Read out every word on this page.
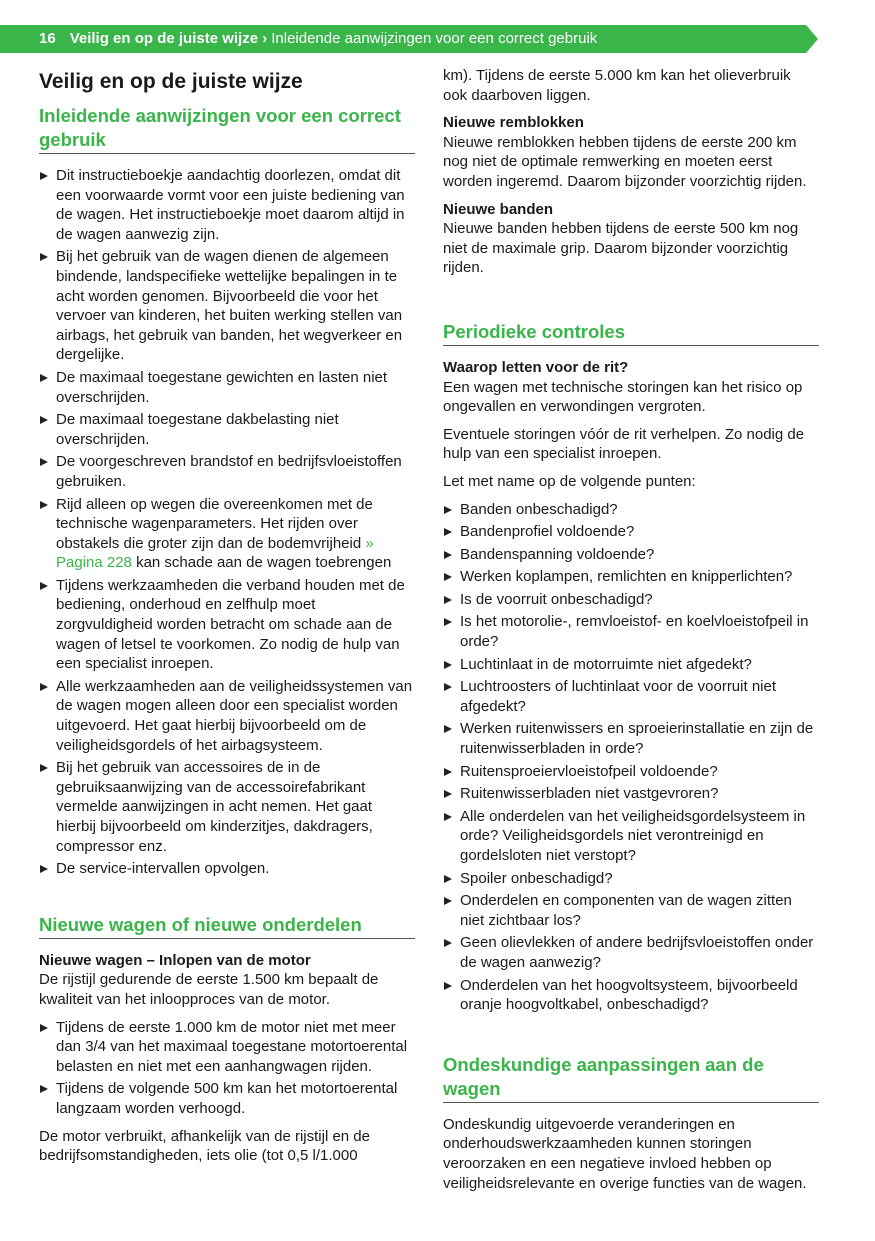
16 Veilig en op de juiste wijze › Inleidende aanwijzingen voor een correct gebruik
Veilig en op de juiste wijze
Inleidende aanwijzingen voor een correct gebruik
Dit instructieboekje aandachtig doorlezen, omdat dit een voorwaarde vormt voor een juiste bediening van de wagen. Het instructieboekje moet daarom altijd in de wagen aanwezig zijn.
Bij het gebruik van de wagen dienen de algemeen bindende, landspecifieke wettelijke bepalingen in te acht worden genomen. Bijvoorbeeld die voor het vervoer van kinderen, het buiten werking stellen van airbags, het gebruik van banden, het wegverkeer en dergelijke.
De maximaal toegestane gewichten en lasten niet overschrijden.
De maximaal toegestane dakbelasting niet overschrijden.
De voorgeschreven brandstof en bedrijfsvloeistoffen gebruiken.
Rijd alleen op wegen die overeenkomen met de technische wagenparameters. Het rijden over obstakels die groter zijn dan de bodemvrijheid » Pagina 228 kan schade aan de wagen toebrengen
Tijdens werkzaamheden die verband houden met de bediening, onderhoud en zelfhulp moet zorgvuldigheid worden betracht om schade aan de wagen of letsel te voorkomen. Zo nodig de hulp van een specialist inroepen.
Alle werkzaamheden aan de veiligheidssystemen van de wagen mogen alleen door een specialist worden uitgevoerd. Het gaat hierbij bijvoorbeeld om de veiligheidsgordels of het airbagsysteem.
Bij het gebruik van accessoires de in de gebruiksaanwijzing van de accessoirefabrikant vermelde aanwijzingen in acht nemen. Het gaat hierbij bijvoorbeeld om kinderzitjes, dakdragers, compressor enz.
De service-intervallen opvolgen.
Nieuwe wagen of nieuwe onderdelen
Nieuwe wagen – Inlopen van de motor

De rijstijl gedurende de eerste 1.500 km bepaalt de kwaliteit van het inloopproces van de motor.

Tijdens de eerste 1.000 km de motor niet met meer dan 3/4 van het maximaal toegestane motortoerental belasten en niet met een aanhangwagen rijden.
Tijdens de volgende 500 km kan het motortoerental langzaam worden verhoogd.

De motor verbruikt, afhankelijk van de rijstijl en de bedrijfsomstandigheden, iets olie (tot 0,5 l/1.000

km). Tijdens de eerste 5.000 km kan het olieverbruik ook daarboven liggen.

Nieuwe remblokken

Nieuwe remblokken hebben tijdens de eerste 200 km nog niet de optimale remwerking en moeten eerst worden ingeremd. Daarom bijzonder voorzichtig rijden.

Nieuwe banden

Nieuwe banden hebben tijdens de eerste 500 km nog niet de maximale grip. Daarom bijzonder voorzichtig rijden.

Periodieke controles
Waarop letten voor de rit?

Een wagen met technische storingen kan het risico op ongevallen en verwondingen vergroten.

Eventuele storingen vóór de rit verhelpen. Zo nodig de hulp van een specialist inroepen.

Let met name op de volgende punten:

Banden onbeschadigd?
Bandenprofiel voldoende?
Bandenspanning voldoende?
Werken koplampen, remlichten en knipperlichten?
Is de voorruit onbeschadigd?
Is het motorolie-, remvloeistof- en koelvloeistofpeil in orde?
Luchtinlaat in de motorruimte niet afgedekt?
Luchtroosters of luchtinlaat voor de voorruit niet afgedekt?
Werken ruitenwissers en sproeierinstallatie en zijn de ruitenwisserbladen in orde?
Ruitensproeiervloeistofpeil voldoende?
Ruitenwisserbladen niet vastgevroren?
Alle onderdelen van het veiligheidsgordelsysteem in orde? Veiligheidsgordels niet verontreinigd en gordelsloten niet verstopt?
Spoiler onbeschadigd?
Onderdelen en componenten van de wagen zitten niet zichtbaar los?
Geen olievlekken of andere bedrijfsvloeistoffen onder de wagen aanwezig?
Onderdelen van het hoogvoltsysteem, bijvoorbeeld oranje hoogvoltkabel, onbeschadigd?
Ondeskundige aanpassingen aan de wagen

Ondeskundig uitgevoerde veranderingen en onderhoudswerkzaamheden kunnen storingen veroorzaken en een negatieve invloed hebben op veiligheidsrelevante en overige functies van de wagen.
